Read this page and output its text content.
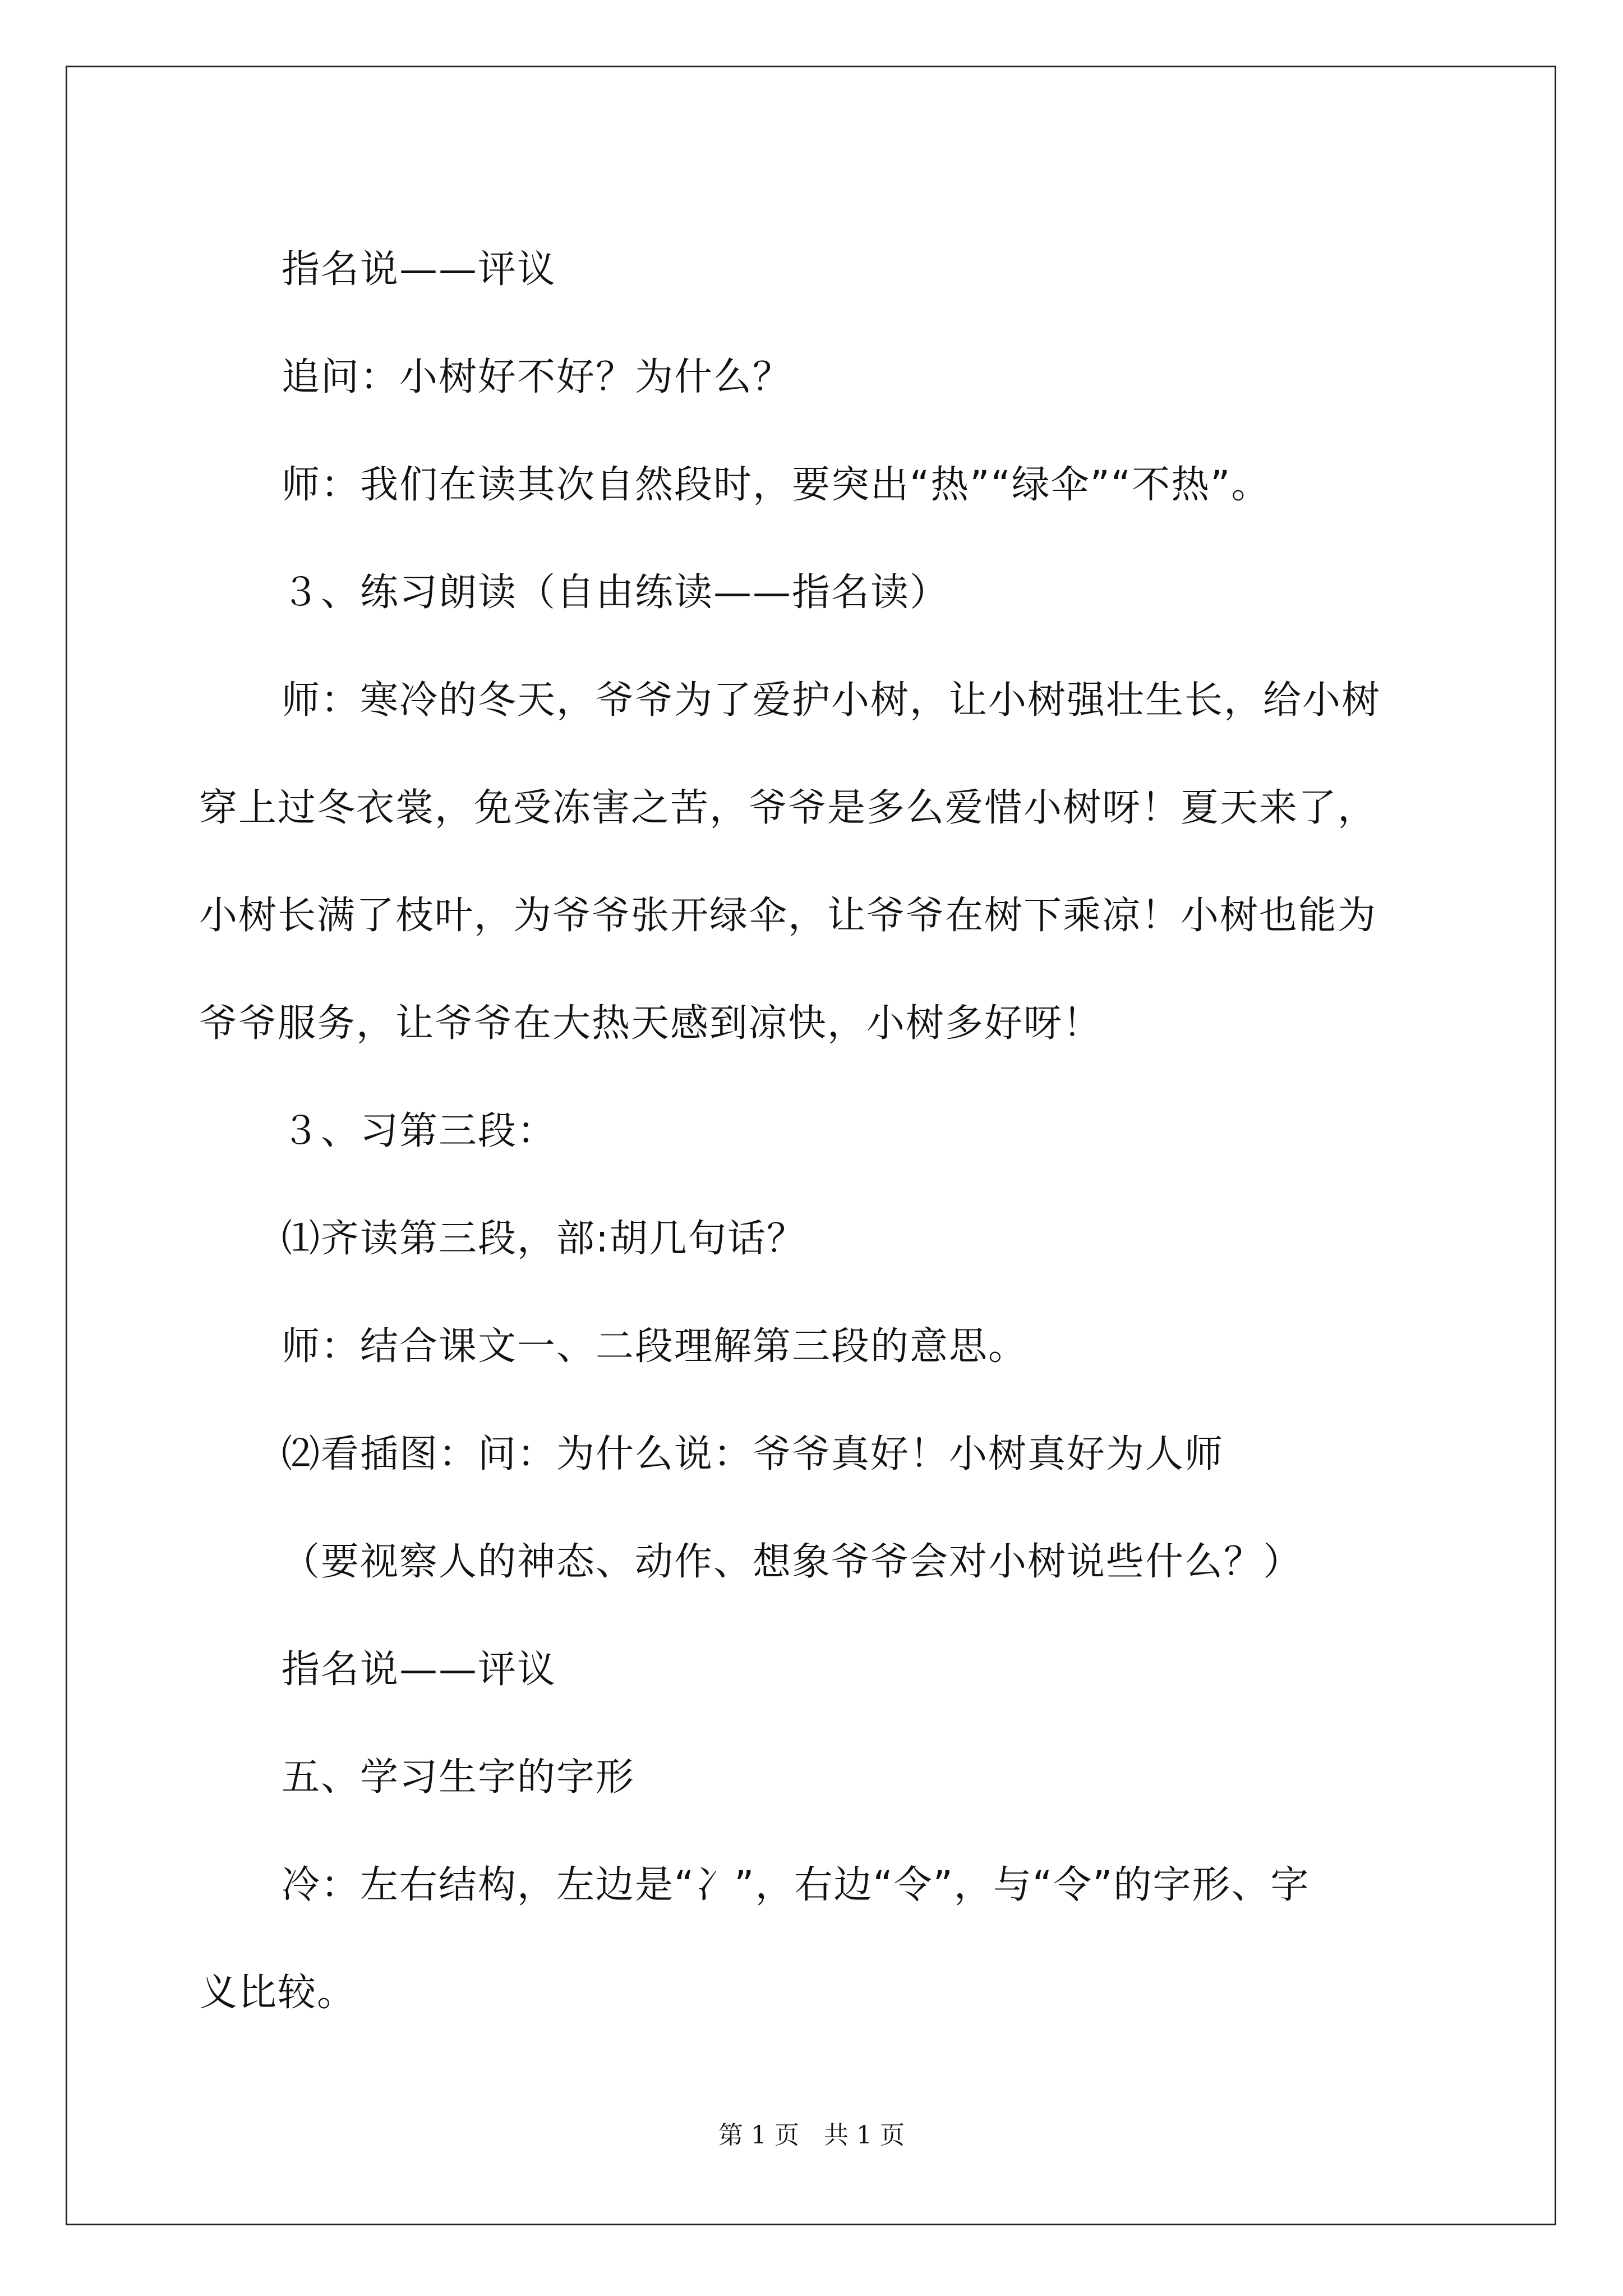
指名说——评议
追问：小树好不好？为什么？
师：我们在读其次自然段时，要突出“热”“绿伞”“不热”。
３、练习朗读（自由练读——指名读）
师：寒冷的冬天，爷爷为了爱护小树，让小树强壮生长，给小树
穿上过冬衣裳，免受冻害之苦，爷爷是多么爱惜小树呀！夏天来了，
小树长满了枝叶，为爷爷张开绿伞，让爷爷在树下乘凉！小树也能为
爷爷服务，让爷爷在大热天感到凉快，小树多好呀！
３、习第三段：
⑴齐读第三段，部:胡几句话？
师：结合课文一、二段理解第三段的意思。
⑵看插图：问：为什么说：爷爷真好！小树真好为人师
（要视察人的神态、动作、想象爷爷会对小树说些什么？）
指名说——评议
五、学习生字的字形
冷：左右结构，左边是“冫”，右边“令”，与“令”的字形、字
义比较。
第 1 页　共 1 页
